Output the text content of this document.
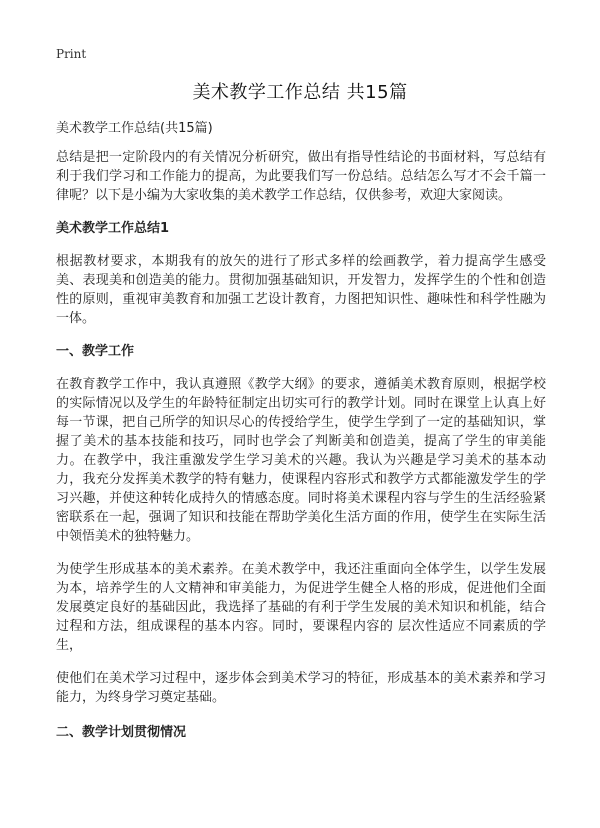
Print
美术教学工作总结 共15篇
美术教学工作总结(共15篇)

总结是把一定阶段内的有关情况分析研究，做出有指导性结论的书面材料，写总结有利于我们学习和工作能力的提高，为此要我们写一份总结。总结怎么写才不会千篇一律呢？以下是小编为大家收集的美术教学工作总结，仅供参考，欢迎大家阅读。

美术教学工作总结1

根据教材要求，本期我有的放矢的进行了形式多样的绘画教学，着力提高学生感受美、表现美和创造美的能力。贯彻加强基础知识，开发智力，发挥学生的个性和创造性的原则，重视审美教育和加强工艺设计教育，力图把知识性、趣味性和科学性融为一体。

一、教学工作

在教育教学工作中，我认真遵照《教学大纲》的要求，遵循美术教育原则，根据学校的实际情况以及学生的年龄特征制定出切实可行的教学计划。同时在课堂上认真上好每一节课，把自己所学的知识尽心的传授给学生，使学生学到了一定的基础知识，掌握了美术的基本技能和技巧，同时也学会了判断美和创造美，提高了学生的审美能力。在教学中，我注重激发学生学习美术的兴趣。我认为兴趣是学习美术的基本动力，我充分发挥美术教学的特有魅力，使课程内容形式和教学方式都能激发学生的学习兴趣，并使这种转化成持久的情感态度。同时将美术课程内容与学生的生活经验紧密联系在一起，强调了知识和技能在帮助学美化生活方面的作用，使学生在实际生活中领悟美术的独特魅力。

为使学生形成基本的美术素养。在美术教学中，我还注重面向全体学生，以学生发展为本，培养学生的人文精神和审美能力，为促进学生健全人格的形成，促进他们全面发展奠定良好的基础因此，我选择了基础的有利于学生发展的美术知识和机能，结合过程和方法，组成课程的基本内容。同时，要课程内容的 层次性适应不同素质的学生，

使他们在美术学习过程中，逐步体会到美术学习的特征，形成基本的美术素养和学习能力，为终身学习奠定基础。

二、教学计划贯彻情况
